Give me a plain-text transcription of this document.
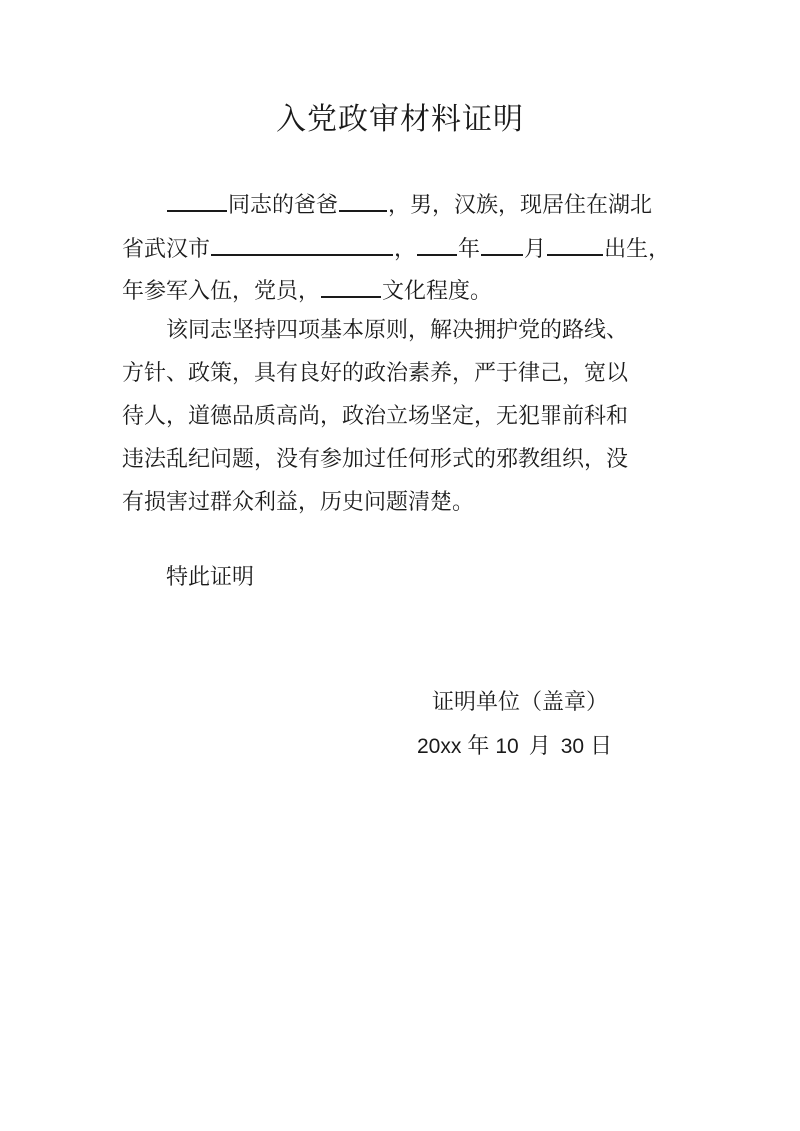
入党政审材料证明
同志的爸爸 ，男，汉族，现居住在湖北
省武汉市	， 年 月	出生，
年参军入伍，党员，	文化程度。
该同志坚持四项基本原则，解决拥护党的路线、
方针、政策，具有良好的政治素养，严于律己，宽以
待人，道德品质高尚，政治立场坚定，无犯罪前科和
违法乱纪问题，没有参加过任何形式的邪教组织，没
有损害过群众利益，历史问题清楚。
特此证明
证明单位（盖章）
20xx 年 10 月 30 日
